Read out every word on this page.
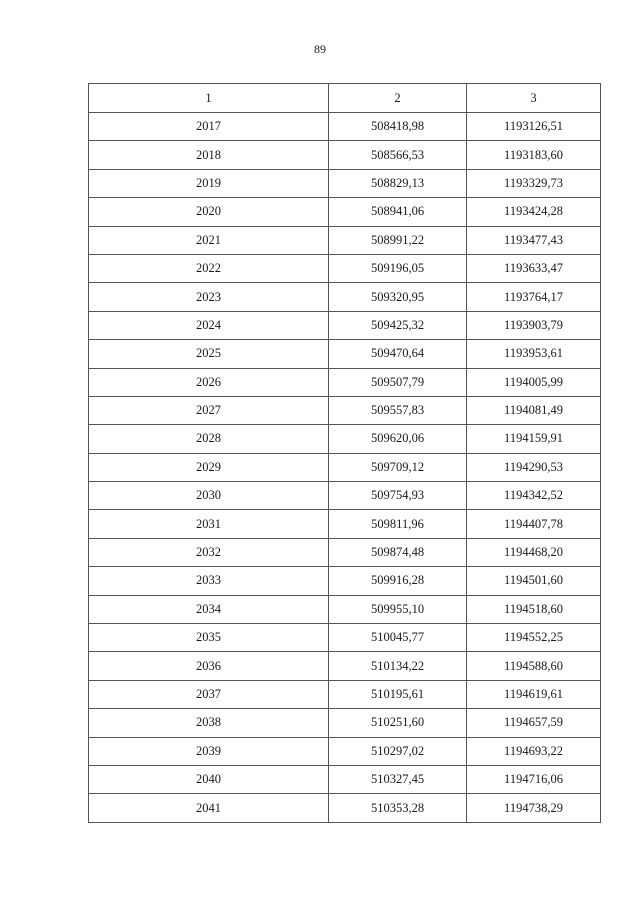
89
1	2	3
2017	508418,98	1193126,51
2018	508566,53	1193183,60
2019	508829,13	1193329,73
2020	508941,06	1193424,28
2021	508991,22	1193477,43
2022	509196,05	1193633,47
2023	509320,95	1193764,17
2024	509425,32	1193903,79
2025	509470,64	1193953,61
2026	509507,79	1194005,99
2027	509557,83	1194081,49
2028	509620,06	1194159,91
2029	509709,12	1194290,53
2030	509754,93	1194342,52
2031	509811,96	1194407,78
2032	509874,48	1194468,20
2033	509916,28	1194501,60
2034	509955,10	1194518,60
2035	510045,77	1194552,25
2036	510134,22	1194588,60
2037	510195,61	1194619,61
2038	510251,60	1194657,59
2039	510297,02	1194693,22
2040	510327,45	1194716,06
2041	510353,28	1194738,29
